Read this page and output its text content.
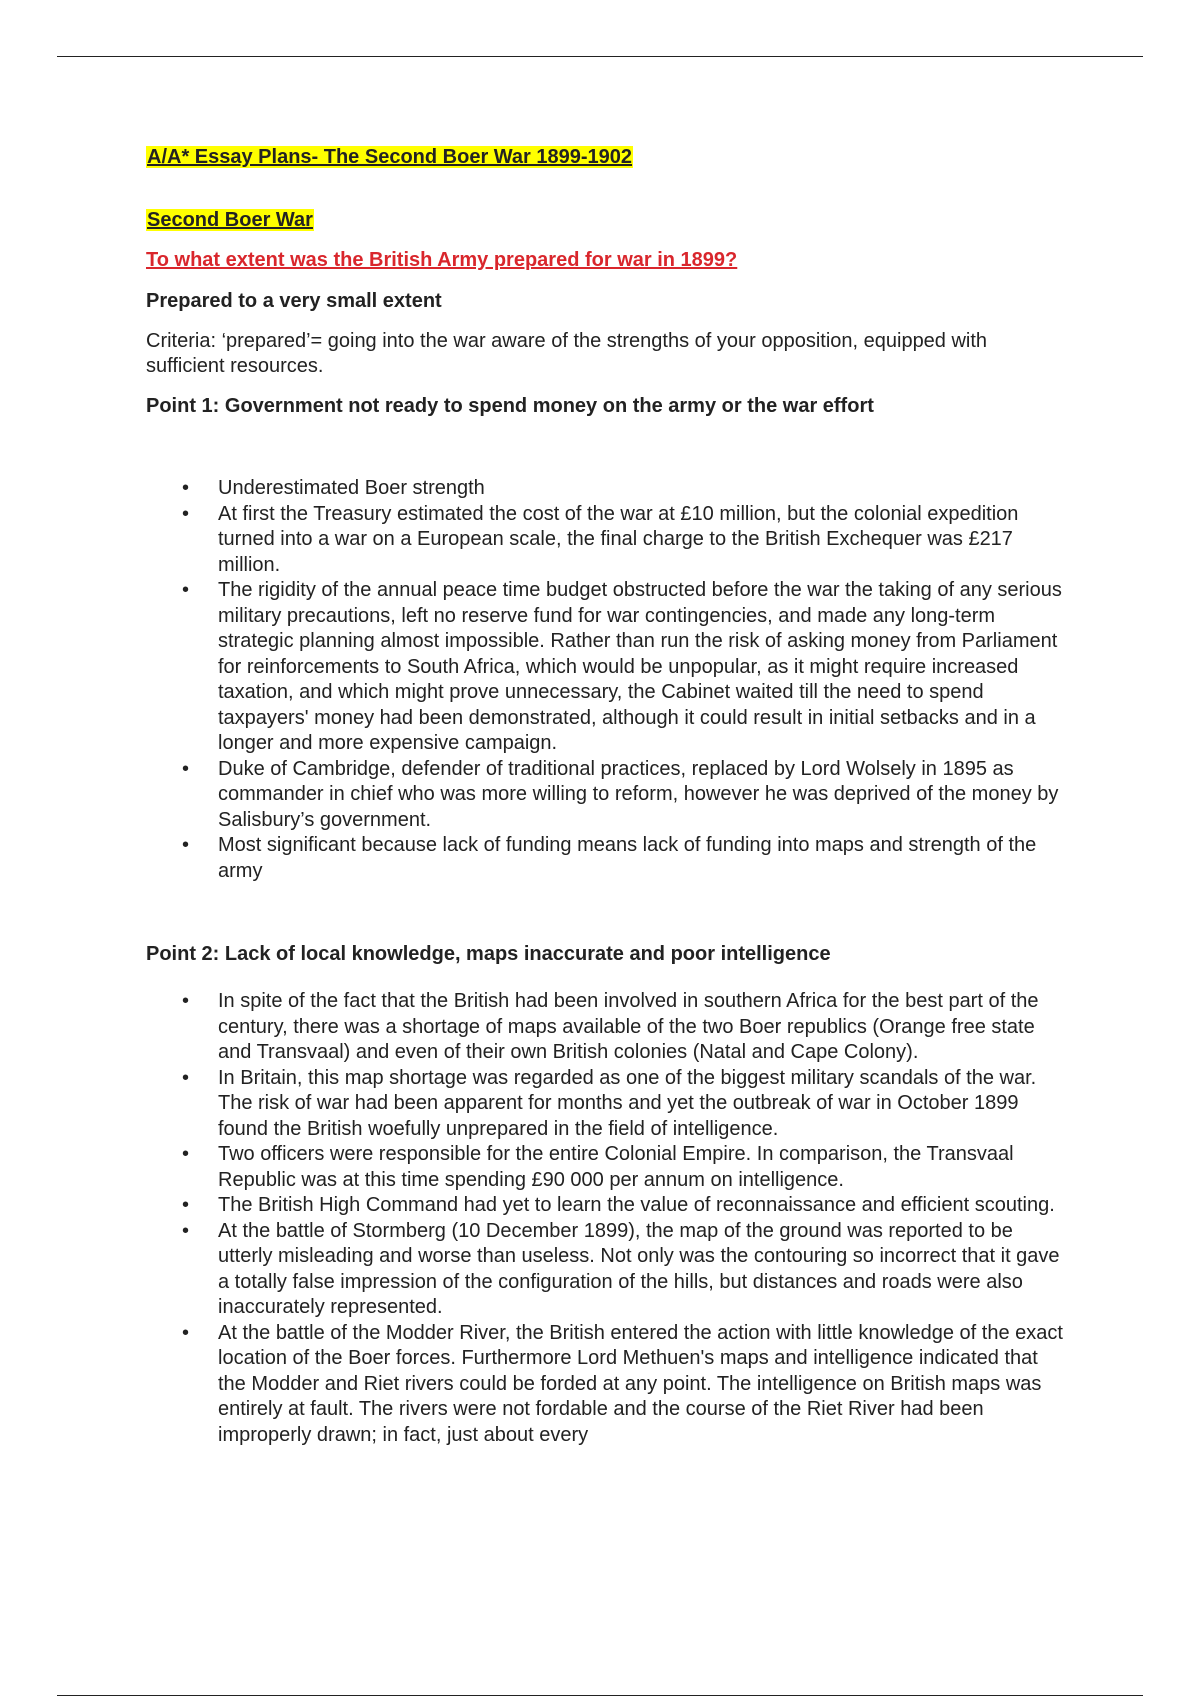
A/A* Essay Plans- The Second Boer War 1899-1902
Second Boer War
To what extent was the British Army prepared for war in 1899?
Prepared to a very small extent
Criteria: ‘prepared’= going into the war aware of the strengths of your opposition, equipped with sufficient resources.
Point 1: Government not ready to spend money on the army or the war effort
• Underestimated Boer strength
• At first the Treasury estimated the cost of the war at £10 million, but the colonial expedition turned into a war on a European scale, the final charge to the British Exchequer was £217 million.
• The rigidity of the annual peace time budget obstructed before the war the taking of any serious military precautions, left no reserve fund for war contingencies, and made any long-term strategic planning almost impossible. Rather than run the risk of asking money from Parliament for reinforcements to South Africa, which would be unpopular, as it might require increased taxation, and which might prove unnecessary, the Cabinet waited till the need to spend taxpayers' money had been demonstrated, although it could result in initial setbacks and in a longer and more expensive campaign.
• Duke of Cambridge, defender of traditional practices, replaced by Lord Wolsely in 1895 as commander in chief who was more willing to reform, however he was deprived of the money by Salisbury’s government.
• Most significant because lack of funding means lack of funding into maps and strength of the army
Point 2: Lack of local knowledge, maps inaccurate and poor intelligence
• In spite of the fact that the British had been involved in southern Africa for the best part of the century, there was a shortage of maps available of the two Boer republics (Orange free state and Transvaal) and even of their own British colonies (Natal and Cape Colony).
• In Britain, this map shortage was regarded as one of the biggest military scandals of the war. The risk of war had been apparent for months and yet the outbreak of war in October 1899 found the British woefully unprepared in the field of intelligence.
• Two officers were responsible for the entire Colonial Empire. In comparison, the Transvaal Republic was at this time spending £90 000 per annum on intelligence.
• The British High Command had yet to learn the value of reconnaissance and efficient scouting.
• At the battle of Stormberg (10 December 1899), the map of the ground was reported to be utterly misleading and worse than useless. Not only was the contouring so incorrect that it gave a totally false impression of the configuration of the hills, but distances and roads were also inaccurately represented.
• At the battle of the Modder River, the British entered the action with little knowledge of the exact location of the Boer forces. Furthermore Lord Methuen's maps and intelligence indicated that the Modder and Riet rivers could be forded at any point. The intelligence on British maps was entirely at fault. The rivers were not fordable and the course of the Riet River had been improperly drawn; in fact, just about every
